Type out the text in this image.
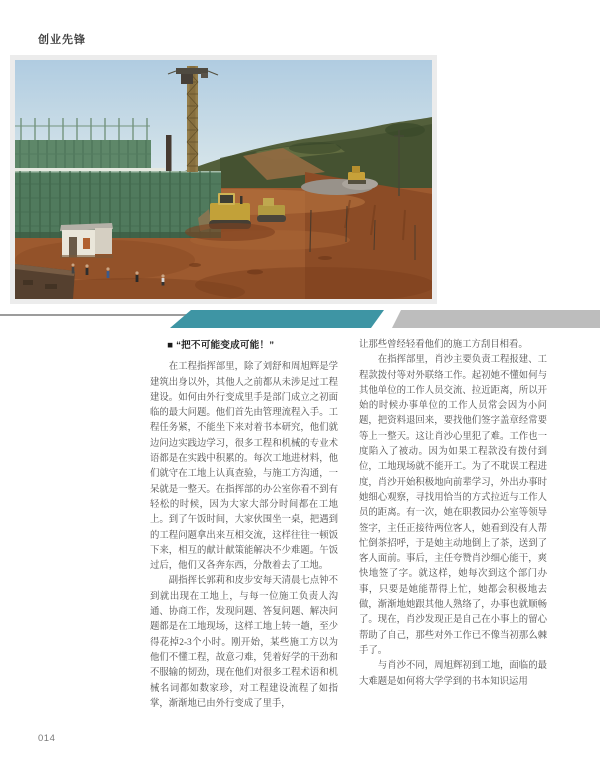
创业先锋
■ “把不可能变成可能！”

在工程指挥部里，除了刘舒和周旭辉是学建筑出身以外，其他人之前都从未涉足过工程建设。如何由外行变成里手是部门成立之初面临的最大问题。他们首先由管理流程入手。工程任务紧，不能坐下来对着书本研究，他们就边问边实践边学习，很多工程和机械的专业术语都是在实践中积累的。每次工地进材料，他们就守在工地上认真查验，与施工方沟通，一呆就是一整天。在指挥部的办公室你看不到有轻松的时候，因为大家大部分时间都在工地上。到了午饭时间，大家伙围坐一桌，把遇到的工程问题拿出来互相交流，这样往往一顿饭下来，相互的献计献策能解决不少难题。午饭过后，他们又各奔东西，分散着去了工地。

副指挥长郭莉和皮步安每天清晨七点钟不到就出现在工地上，与每一位施工负责人沟通、协商工作，发现问题、答复问题、解决问题都是在工地现场，这样工地上转一趟，至少得花掉2-3个小时。刚开始，某些施工方以为他们不懂工程，故意刁难，凭着好学的干劲和不服输的韧劲，现在他们对很多工程术语和机械名词都如数家珍，对工程建设流程了如指掌，渐渐地已由外行变成了里手，

让那些曾经轻看他们的施工方刮目相看。

在指挥部里，肖沙主要负责工程报建、工程款拨付等对外联络工作。起初她不懂如何与其他单位的工作人员交流、拉近距离，所以开始的时候办事单位的工作人员常会因为小问题，把资料退回来，要找他们签字盖章经常要等上一整天。这让肖沙心里犯了难。工作也一度陷入了被动。因为如果工程款没有拨付到位，工地现场就不能开工。为了不耽误工程进度，肖沙开始积极地向前辈学习，外出办事时她细心观察，寻找用恰当的方式拉近与工作人员的距离。有一次，她在职教园办公室等领导签字，主任正接待两位客人，她看到没有人帮忙倒茶招呼，于是她主动地倒上了茶，送到了客人面前。事后，主任夸赞肖沙细心能干，爽快地签了字。就这样，她每次到这个部门办事，只要是她能帮得上忙，她都会积极地去做，渐渐地她跟其他人熟络了，办事也就顺畅了。现在，肖沙发现正是自己在小事上的留心帮助了自己，那些对外工作已不像当初那么棘手了。

与肖沙不同，周旭辉初到工地，面临的最大难题是如何将大学学到的书本知识运用

014
